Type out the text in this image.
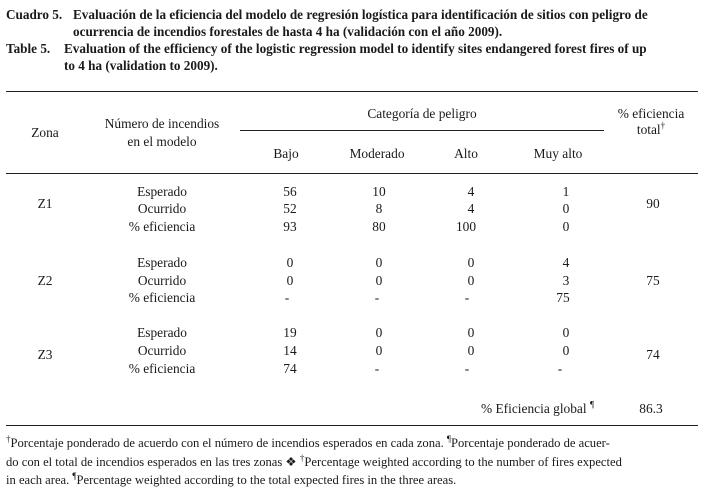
Cuadro 5. Evaluación de la eficiencia del modelo de regresión logística para identificación de sitios con peligro de
ocurrencia de incendios forestales de hasta 4 ha (validación con el año 2009).
Table 5. Evaluation of the efficiency of the logistic regression model to identify sites endangered forest fires of up
to 4 ha (validation to 2009).
Zona
Número de incendios
en el modelo
Categoría de peligro
Bajo	Moderado	Alto	Muy alto
% eficiencia
total†
Z1	90
Esperado	56	10	4	1
Ocurrido	52	8	4	0
% eficiencia	93	80	100	0
Z2	75
Esperado	0	0	0	4
Ocurrido	0	0	0	3
% eficiencia	-	-	-	75
Z3	74
Esperado	19	0	0	0
Ocurrido	14	0	0	0
% eficiencia	74	-	-	-
% Eficiencia global ¶	86.3
†Porcentaje ponderado de acuerdo con el número de incendios esperados en cada zona. ¶Porcentaje ponderado de acuer-
do con el total de incendios esperados en las tres zonas ❖ †Percentage weighted according to the number of fires expected
in each area. ¶Percentage weighted according to the total expected fires in the three areas.
